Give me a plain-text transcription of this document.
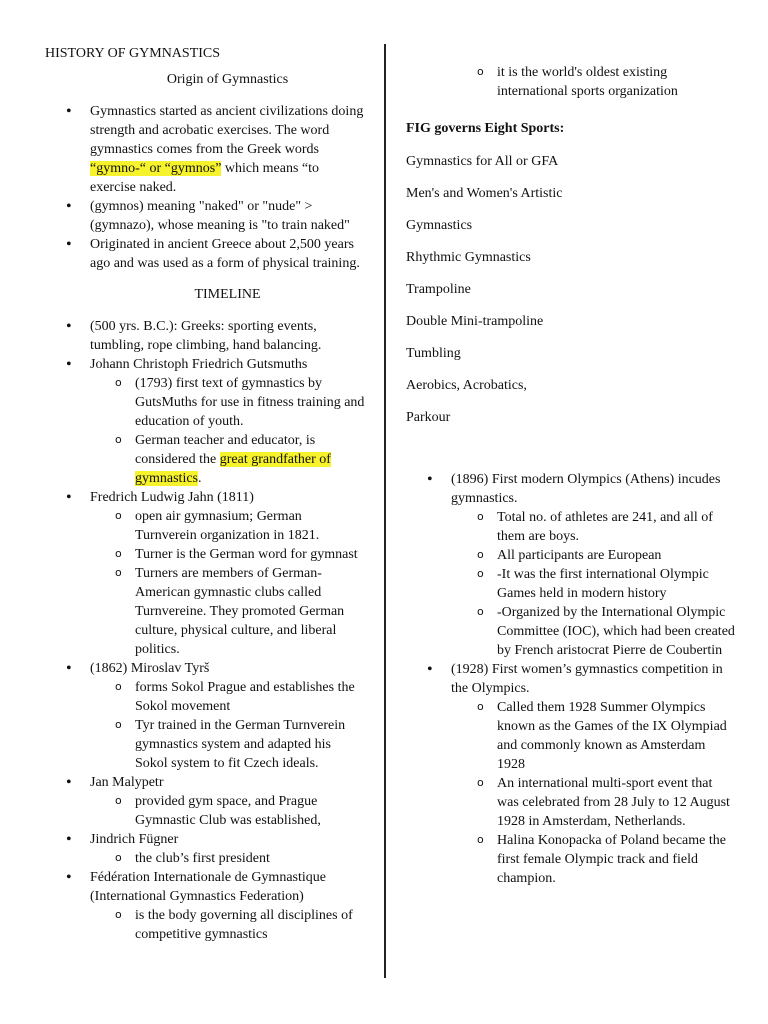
HISTORY OF GYMNASTICS
Origin of Gymnastics
• Gymnastics started as ancient civilizations doing strength and acrobatic exercises. The word gymnastics comes from the Greek words “gymno-“ or “gymnos” which means “to exercise naked.
• (gymnos) meaning "naked" or "nude" > (gymnazo), whose meaning is "to train naked"
• Originated in ancient Greece about 2,500 years ago and was used as a form of physical training.
TIMELINE
• (500 yrs. B.C.): Greeks: sporting events, tumbling, rope climbing, hand balancing.
• Johann Christoph Friedrich Gutsmuths
o (1793) first text of gymnastics by GutsMuths for use in fitness training and education of youth.
o German teacher and educator, is considered the great grandfather of gymnastics.
• Fredrich Ludwig Jahn (1811)
o open air gymnasium; German Turnverein organization in 1821.
o Turner is the German word for gymnast
o Turners are members of German-American gymnastic clubs called Turnvereine. They promoted German culture, physical culture, and liberal politics.
• (1862) Miroslav Tyrš
o forms Sokol Prague and establishes the Sokol movement
o Tyr trained in the German Turnverein gymnastics system and adapted his Sokol system to fit Czech ideals.
• Jan Malypetr
o provided gym space, and Prague Gymnastic Club was established,
• Jindrich Fügner
o the club’s first president
• Fédération Internationale de Gymnastique (International Gymnastics Federation)
o is the body governing all disciplines of competitive gymnastics
o it is the world's oldest existing international sports organization
FIG governs Eight Sports:
Gymnastics for All or GFA
Men's and Women's Artistic
Gymnastics
Rhythmic Gymnastics
Trampoline
Double Mini-trampoline
Tumbling
Aerobics, Acrobatics,
Parkour
• (1896) First modern Olympics (Athens) incudes gymnastics.
o Total no. of athletes are 241, and all of them are boys.
o All participants are European
o -It was the first international Olympic Games held in modern history
o -Organized by the International Olympic Committee (IOC), which had been created by French aristocrat Pierre de Coubertin
• (1928) First women’s gymnastics competition in the Olympics.
o Called them 1928 Summer Olympics known as the Games of the IX Olympiad and commonly known as Amsterdam 1928
o An international multi-sport event that was celebrated from 28 July to 12 August 1928 in Amsterdam, Netherlands.
o Halina Konopacka of Poland became the first female Olympic track and field champion.
